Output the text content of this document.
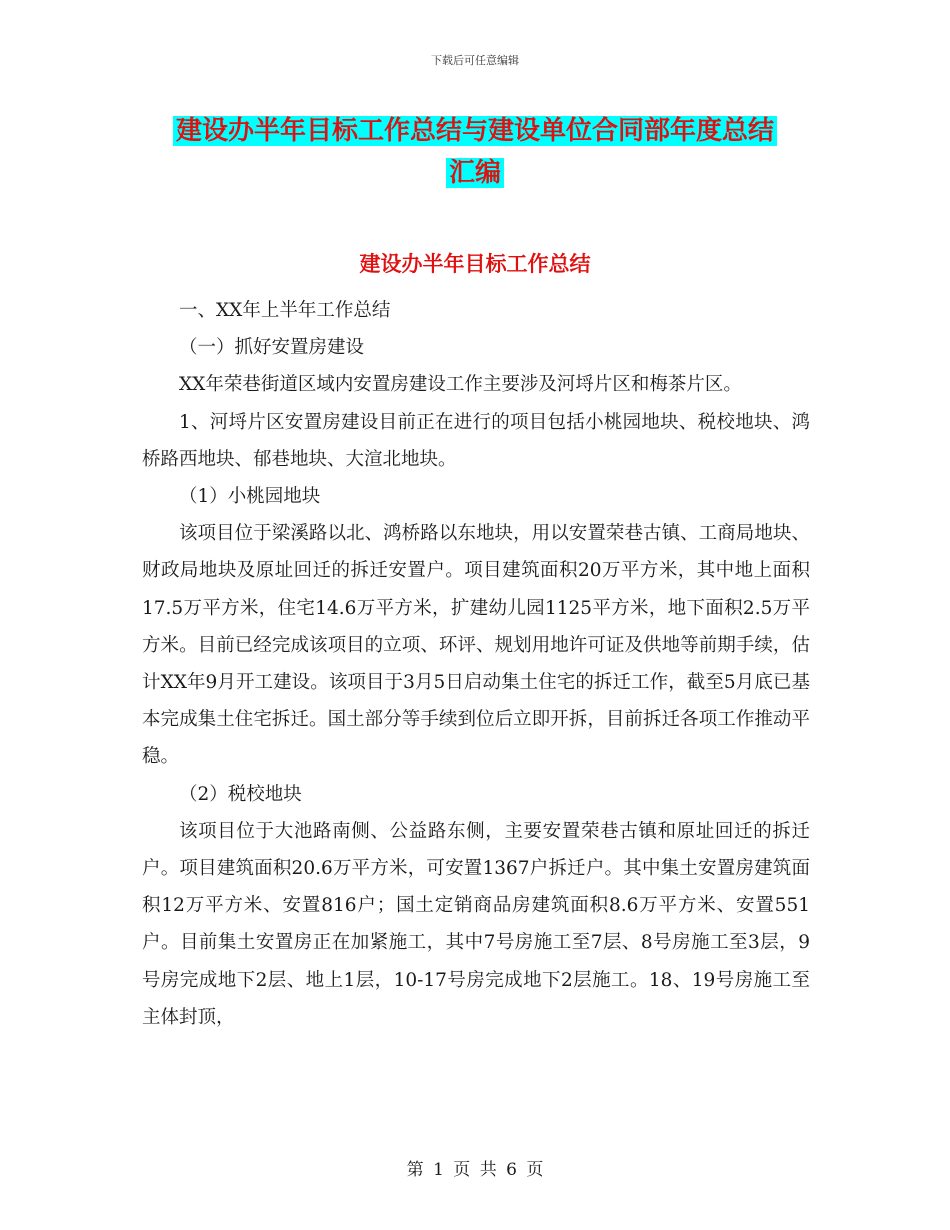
下载后可任意编辑
建设办半年目标工作总结与建设单位合同部年度总结
汇编
建设办半年目标工作总结

一、XX年上半年工作总结

（一）抓好安置房建设

XX年荣巷街道区域内安置房建设工作主要涉及河埒片区和梅茶片区。

1、河埒片区安置房建设目前正在进行的项目包括小桃园地块、税校地块、鸿桥路西地块、郁巷地块、大渲北地块。

（1）小桃园地块

该项目位于梁溪路以北、鸿桥路以东地块，用以安置荣巷古镇、工商局地块、财政局地块及原址回迁的拆迁安置户。项目建筑面积20万平方米，其中地上面积17.5万平方米，住宅14.6万平方米，扩建幼儿园1125平方米，地下面积2.5万平方米。目前已经完成该项目的立项、环评、规划用地许可证及供地等前期手续，估计XX年9月开工建设。该项目于3月5日启动集土住宅的拆迁工作，截至5月底已基本完成集土住宅拆迁。国土部分等手续到位后立即开拆，目前拆迁各项工作推动平稳。

（2）税校地块

该项目位于大池路南侧、公益路东侧，主要安置荣巷古镇和原址回迁的拆迁户。项目建筑面积20.6万平方米，可安置1367户拆迁户。其中集土安置房建筑面积12万平方米、安置816户；国土定销商品房建筑面积8.6万平方米、安置551户。目前集土安置房正在加紧施工，其中7号房施工至7层、8号房施工至3层，9号房完成地下2层、地上1层，10-17号房完成地下2层施工。18、19号房施工至主体封顶，

第 1 页 共 6 页
